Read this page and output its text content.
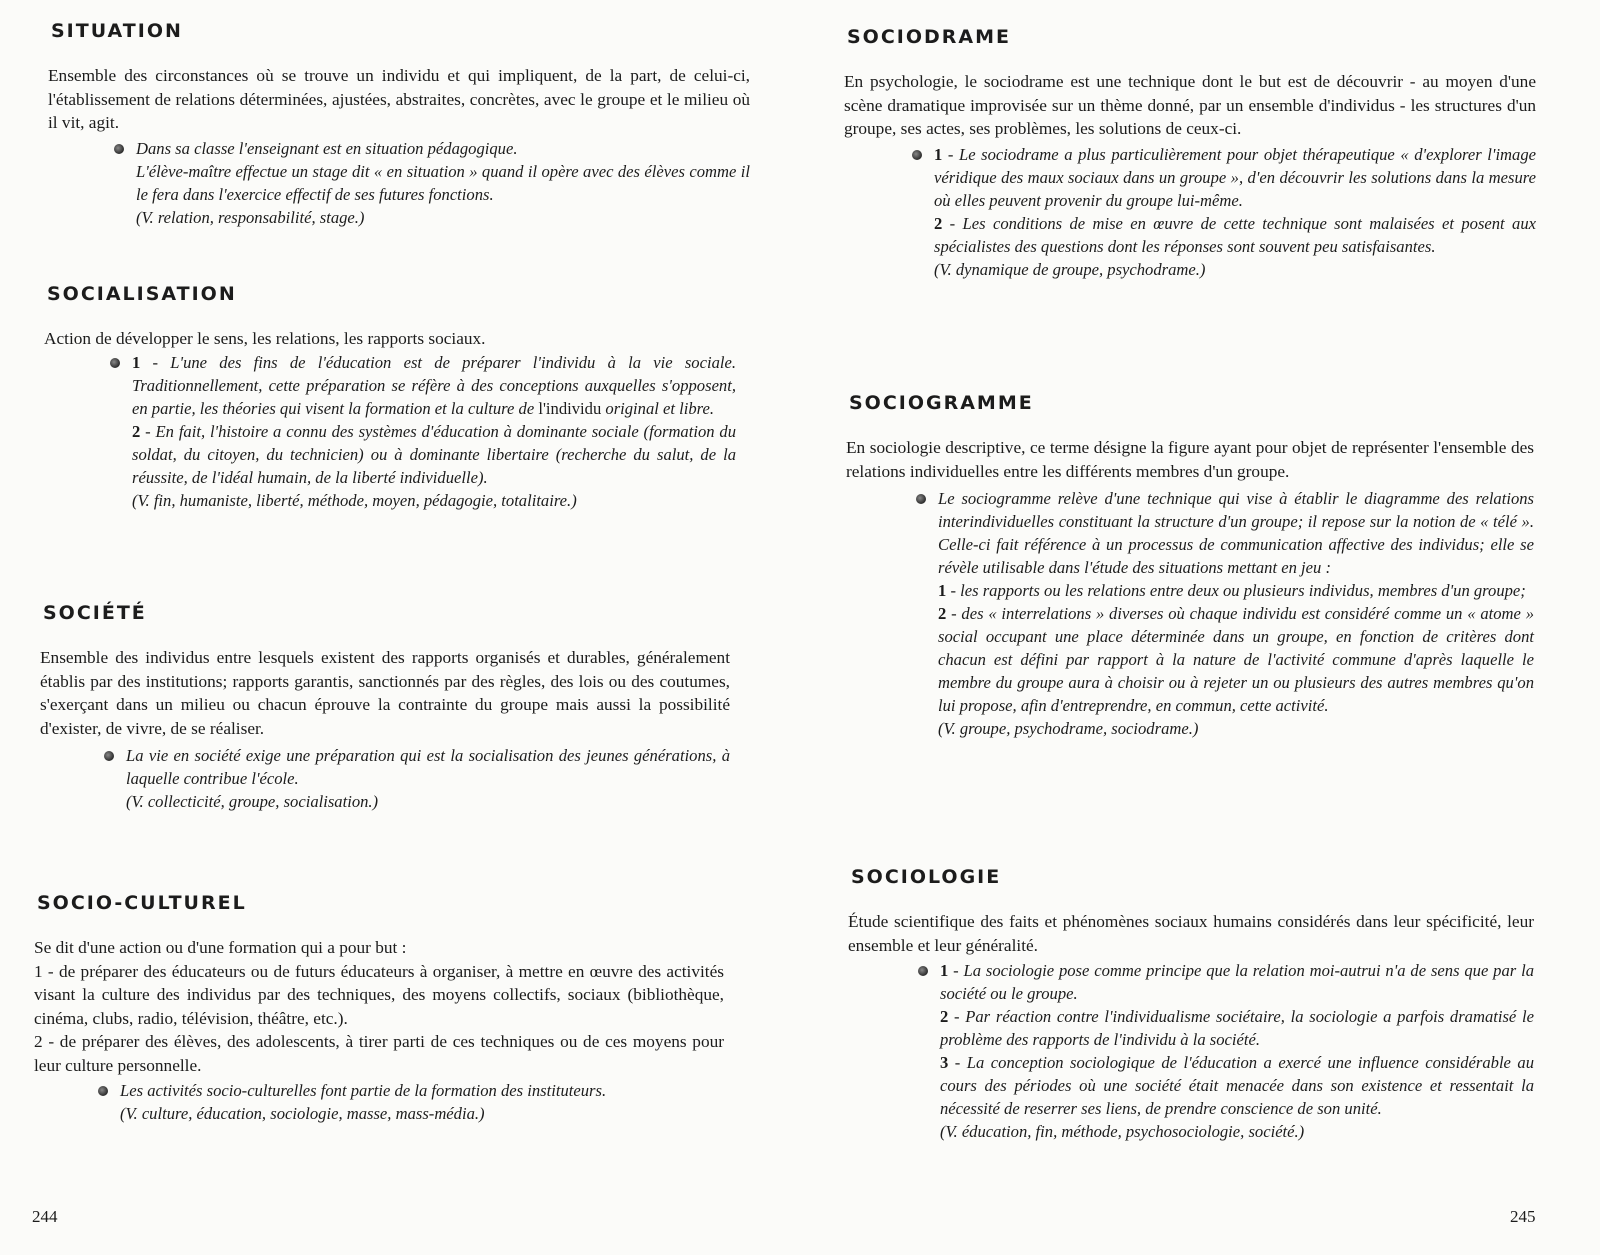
SITUATION

Ensemble des circonstances où se trouve un individu et qui impliquent, de la part, de celui-ci, l'établissement de relations déterminées, ajustées, abstraites, concrètes, avec le groupe et le milieu où il vit, agit.

Dans sa classe l'enseignant est en situation pédagogique.
L'élève-maître effectue un stage dit « en situation » quand il opère avec des élèves comme il le fera dans l'exercice effectif de ses futures fonctions.

(V. relation, responsabilité, stage.)

SOCIALISATION

Action de développer le sens, les relations, les rapports sociaux.

1 - L'une des fins de l'éducation est de préparer l'individu à la vie sociale. Traditionnellement, cette préparation se réfère à des conceptions auxquelles s'opposent, en partie, les théories qui visent la formation et la culture de l'individu original et libre.

2 - En fait, l'histoire a connu des systèmes d'éducation à dominante sociale (formation du soldat, du citoyen, du technicien) ou à dominante libertaire (recherche du salut, de la réussite, de l'idéal humain, de la liberté individuelle).

(V. fin, humaniste, liberté, méthode, moyen, pédagogie, totalitaire.)

SOCIÉTÉ

Ensemble des individus entre lesquels existent des rapports organisés et durables, généralement établis par des institutions; rapports garantis, sanctionnés par des règles, des lois ou des coutumes, s'exerçant dans un milieu ou chacun éprouve la contrainte du groupe mais aussi la possibilité d'exister, de vivre, de se réaliser.

La vie en société exige une préparation qui est la socialisation des jeunes générations, à laquelle contribue l'école.

(V. collecticité, groupe, socialisation.)

SOCIO-CULTUREL

Se dit d'une action ou d'une formation qui a pour but :
1 - de préparer des éducateurs ou de futurs éducateurs à organiser, à mettre en œuvre des activités visant la culture des individus par des techniques, des moyens collectifs, sociaux (bibliothèque, cinéma, clubs, radio, télévision, théâtre, etc.).
2 - de préparer des élèves, des adolescents, à tirer parti de ces techniques ou de ces moyens pour leur culture personnelle.

Les activités socio-culturelles font partie de la formation des instituteurs.

(V. culture, éducation, sociologie, masse, mass-média.)

244
SOCIODRAME

En psychologie, le sociodrame est une technique dont le but est de découvrir - au moyen d'une scène dramatique improvisée sur un thème donné, par un ensemble d'individus - les structures d'un groupe, ses actes, ses problèmes, les solutions de ceux-ci.

1 - Le sociodrame a plus particulièrement pour objet thérapeutique « d'explorer l'image véridique des maux sociaux dans un groupe », d'en découvrir les solutions dans la mesure où elles peuvent provenir du groupe lui-même.

2 - Les conditions de mise en œuvre de cette technique sont malaisées et posent aux spécialistes des questions dont les réponses sont souvent peu satisfaisantes.

(V. dynamique de groupe, psychodrame.)

SOCIOGRAMME

En sociologie descriptive, ce terme désigne la figure ayant pour objet de représenter l'ensemble des relations individuelles entre les différents membres d'un groupe.

Le sociogramme relève d'une technique qui vise à établir le diagramme des relations interindividuelles constituant la structure d'un groupe; il repose sur la notion de « télé ». Celle-ci fait référence à un processus de communication affective des individus; elle se révèle utilisable dans l'étude des situations mettant en jeu :

1 - les rapports ou les relations entre deux ou plusieurs individus, membres d'un groupe;

2 - des « interrelations » diverses où chaque individu est considéré comme un « atome » social occupant une place déterminée dans un groupe, en fonction de critères dont chacun est défini par rapport à la nature de l'activité commune d'après laquelle le membre du groupe aura à choisir ou à rejeter un ou plusieurs des autres membres qu'on lui propose, afin d'entreprendre, en commun, cette activité.

(V. groupe, psychodrame, sociodrame.)

SOCIOLOGIE

Étude scientifique des faits et phénomènes sociaux humains considérés dans leur spécificité, leur ensemble et leur généralité.

1 - La sociologie pose comme principe que la relation moi-autrui n'a de sens que par la société ou le groupe.

2 - Par réaction contre l'individualisme sociétaire, la sociologie a parfois dramatisé le problème des rapports de l'individu à la société.

3 - La conception sociologique de l'éducation a exercé une influence considérable au cours des périodes où une société était menacée dans son existence et ressentait la nécessité de reserrer ses liens, de prendre conscience de son unité.

(V. éducation, fin, méthode, psychosociologie, société.)

245
